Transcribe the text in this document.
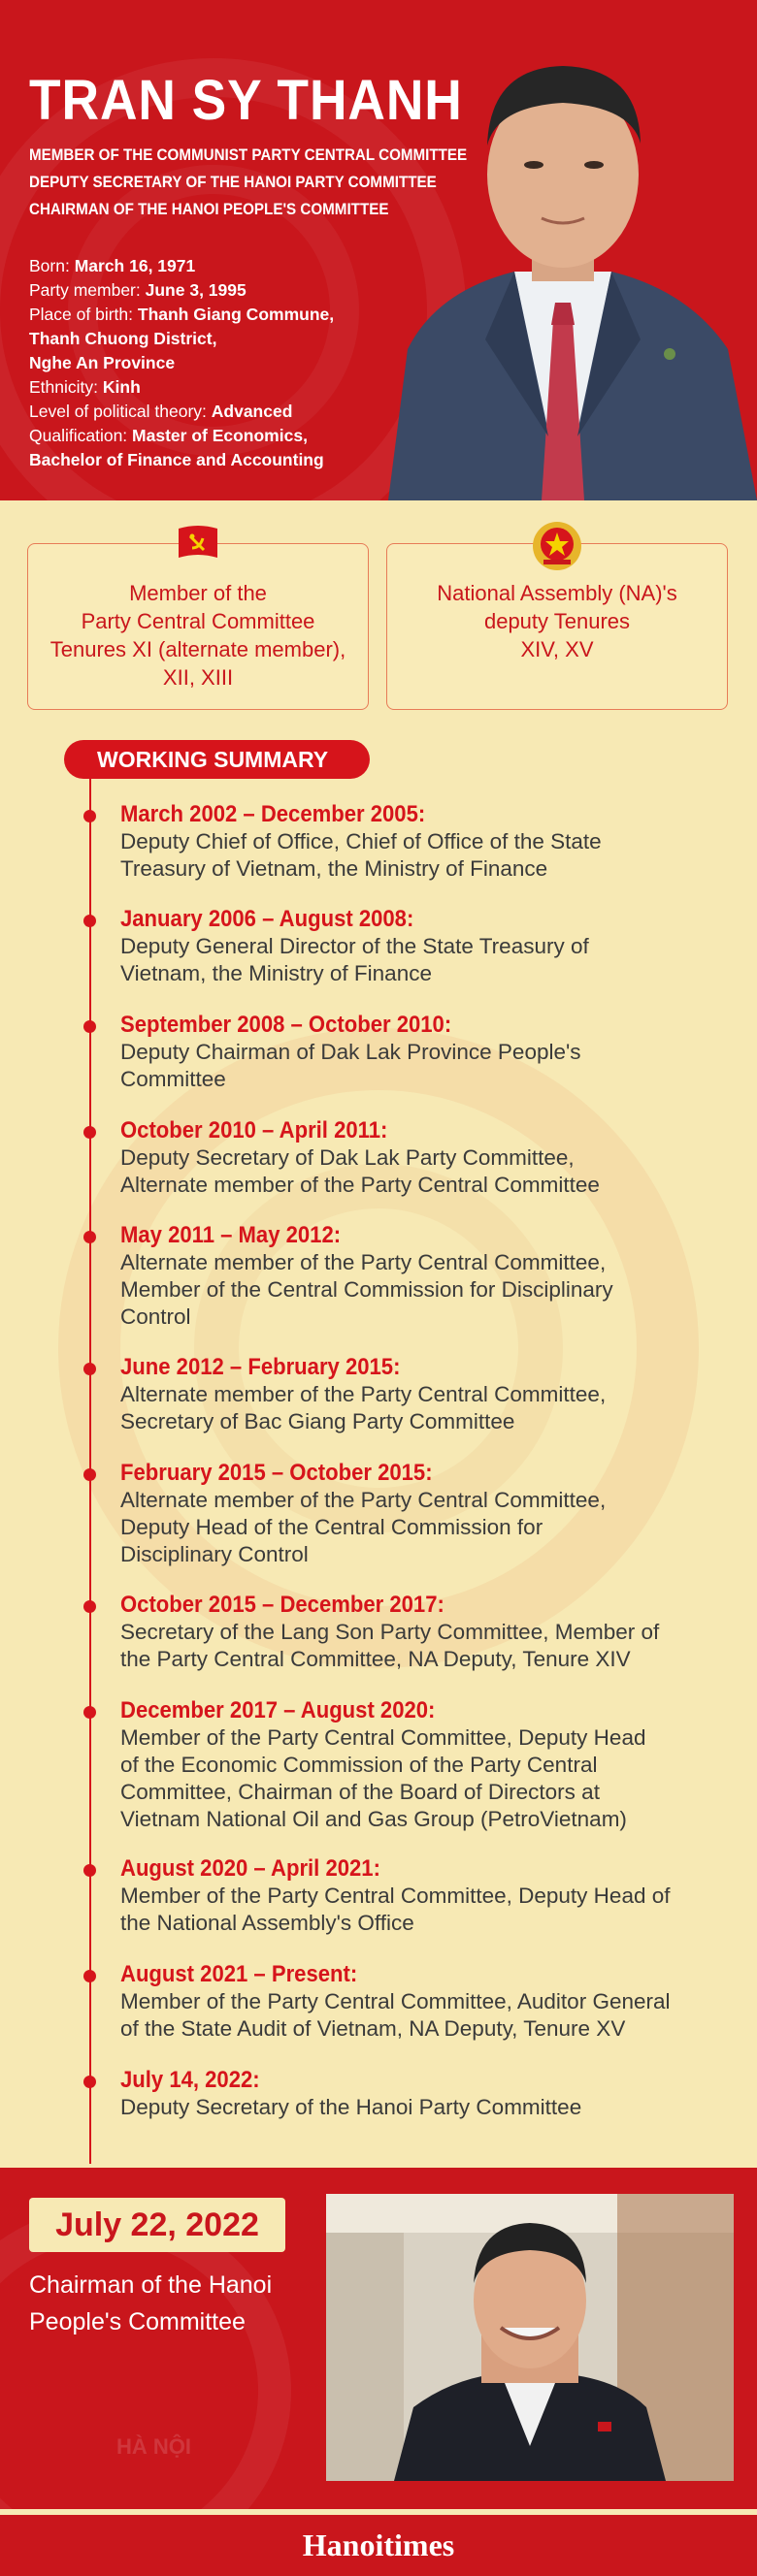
TRAN SY THANH
MEMBER OF THE COMMUNIST PARTY CENTRAL COMMITTEE
DEPUTY SECRETARY OF THE HANOI PARTY COMMITTEE
CHAIRMAN OF THE HANOI PEOPLE'S COMMITTEE
Born: March 16, 1971
Party member: June 3, 1995
Place of birth: Thanh Giang Commune,
Thanh Chuong District,
Nghe An Province
Ethnicity: Kinh
Level of political theory: Advanced
Qualification: Master of Economics,
Bachelor of Finance and Accounting
Member of the
Party Central Committee
Tenures XI (alternate member),
XII, XIII
National Assembly (NA)'s
deputy Tenures
XIV, XV
WORKING SUMMARY
March 2002 – December 2005:
Deputy Chief of Office, Chief of Office of the State
Treasury of Vietnam, the Ministry of Finance
January 2006 – August 2008:
Deputy General Director of the State Treasury of
Vietnam, the Ministry of Finance
September 2008 – October 2010:
Deputy Chairman of Dak Lak Province People's
Committee
October 2010 – April 2011:
Deputy Secretary of Dak Lak Party Committee,
Alternate member of the Party Central Committee
May 2011 – May 2012:
Alternate member of the Party Central Committee,
Member of the Central Commission for Disciplinary
Control
June 2012 – February 2015:
Alternate member of the Party Central Committee,
Secretary of Bac Giang Party Committee
February 2015 – October 2015:
Alternate member of the Party Central Committee,
Deputy Head of the Central Commission for
Disciplinary Control
October 2015 – December 2017:
Secretary of the Lang Son Party Committee, Member of
the Party Central Committee, NA Deputy, Tenure XIV
December 2017 – August 2020:
Member of the Party Central Committee, Deputy Head
of the Economic Commission of the Party Central
Committee, Chairman of the Board of Directors at
Vietnam National Oil and Gas Group (PetroVietnam)
August 2020 – April 2021:
Member of the Party Central Committee, Deputy Head of
the National Assembly's Office
August 2021 – Present:
Member of the Party Central Committee, Auditor General
of the State Audit of Vietnam, NA Deputy, Tenure XV
July 14, 2022:
Deputy Secretary of the Hanoi Party Committee
HÀ NỘI
July 22, 2022
Chairman of the Hanoi
People's Committee
Hanoitimes
